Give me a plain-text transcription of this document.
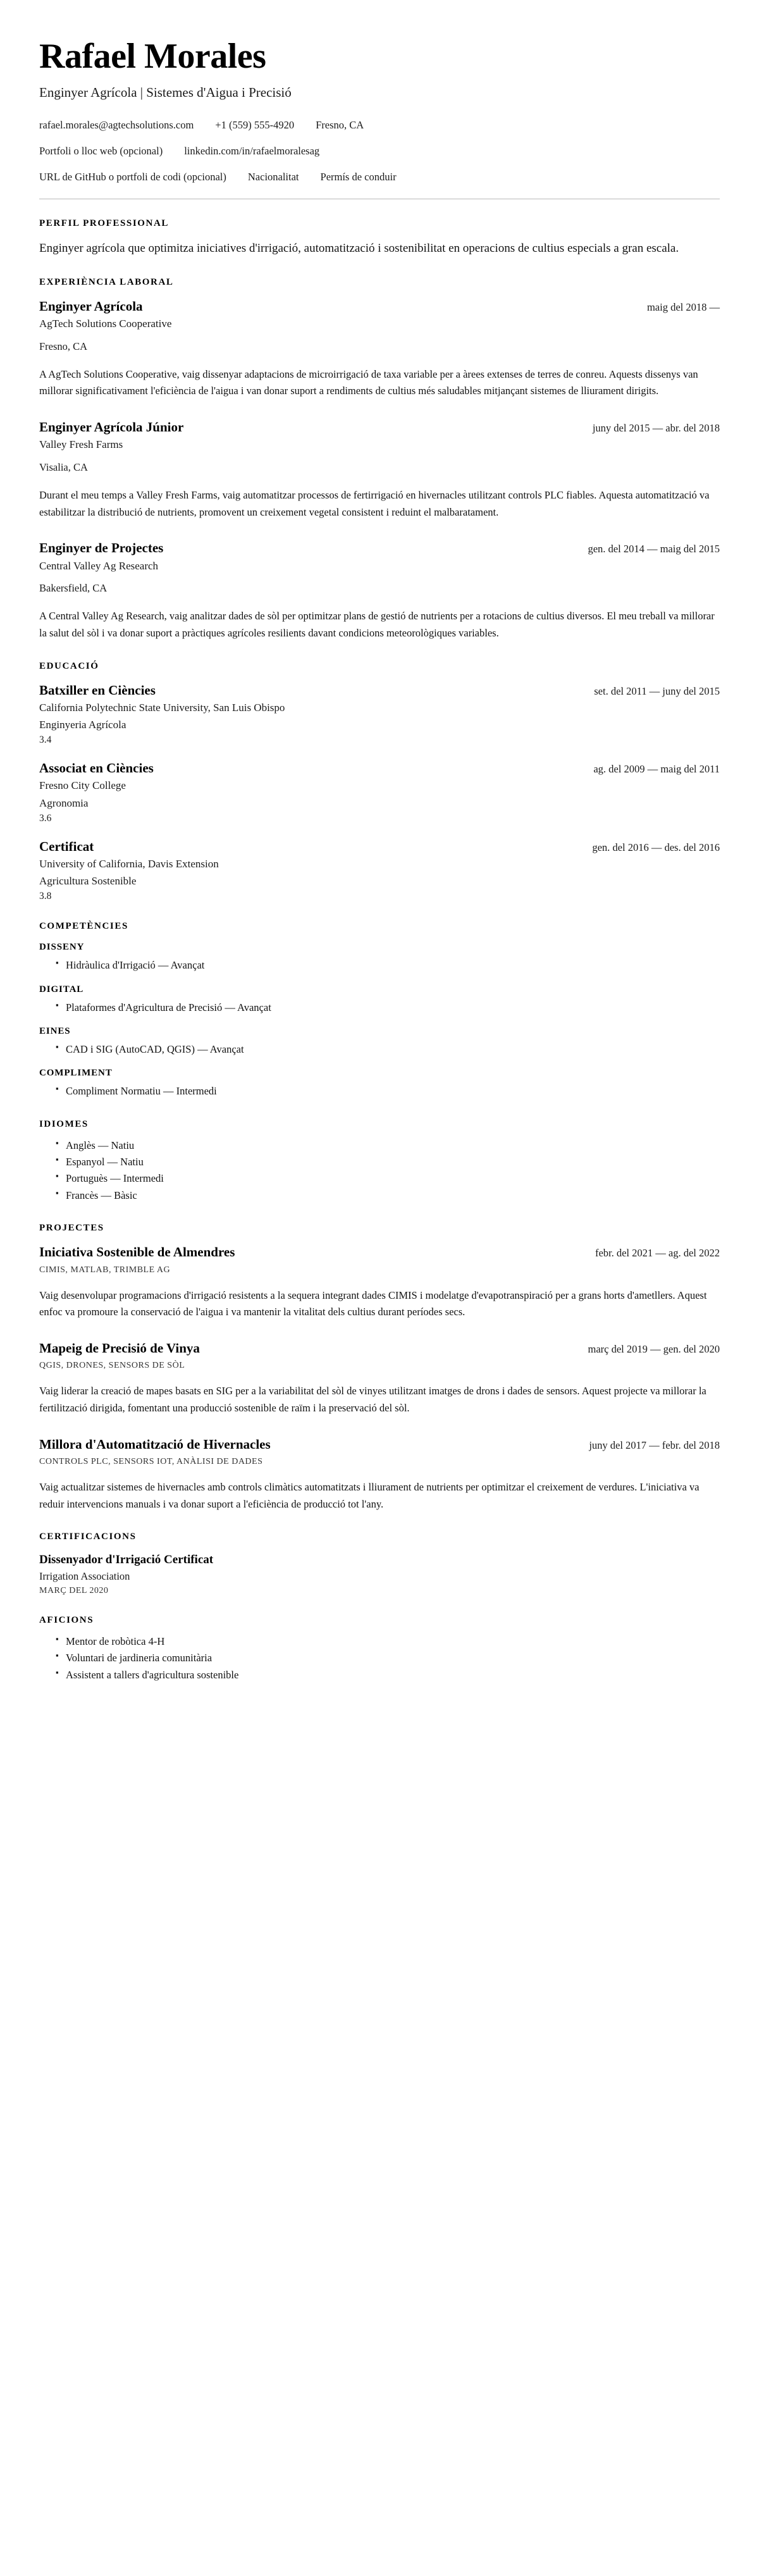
Rafael Morales
Enginyer Agrícola | Sistemes d'Aigua i Precisió
rafael.morales@agtechsolutions.com +1 (559) 555-4920 Fresno, CA
Portfoli o lloc web (opcional) linkedin.com/in/rafaelmoralesag
URL de GitHub o portfoli de codi (opcional) Nacionalitat Permís de conduir
PERFIL PROFESSIONAL

Enginyer agrícola que optimitza iniciatives d'irrigació, automatització i sostenibilitat en operacions de cultius especials a gran escala.

EXPERIÈNCIA LABORAL
Enginyer Agrícola	maig del 2018 —
AgTech Solutions Cooperative
Fresno, CA
A AgTech Solutions Cooperative, vaig dissenyar adaptacions de microirrigació de taxa variable per a àrees extenses de terres de conreu. Aquests dissenys van millorar significativament l'eficiència de l'aigua i van donar suport a rendiments de cultius més saludables mitjançant sistemes de lliurament dirigits.
Enginyer Agrícola Júnior	juny del 2015 — abr. del 2018
Valley Fresh Farms
Visalia, CA
Durant el meu temps a Valley Fresh Farms, vaig automatitzar processos de fertirrigació en hivernacles utilitzant controls PLC fiables. Aquesta automatització va estabilitzar la distribució de nutrients, promovent un creixement vegetal consistent i reduint el malbaratament.
Enginyer de Projectes	gen. del 2014 — maig del 2015
Central Valley Ag Research
Bakersfield, CA
A Central Valley Ag Research, vaig analitzar dades de sòl per optimitzar plans de gestió de nutrients per a rotacions de cultius diversos. El meu treball va millorar la salut del sòl i va donar suport a pràctiques agrícoles resilients davant condicions meteorològiques variables.
EDUCACIÓ
Batxiller en Ciències	set. del 2011 — juny del 2015
California Polytechnic State University, San Luis Obispo
Enginyeria Agrícola
3.4
Associat en Ciències	ag. del 2009 — maig del 2011
Fresno City College
Agronomia
3.6
Certificat	gen. del 2016 — des. del 2016
University of California, Davis Extension
Agricultura Sostenible
3.8
COMPETÈNCIES
DISSENY
▪ Hidràulica d'Irrigació — Avançat
DIGITAL
▪ Plataformes d'Agricultura de Precisió — Avançat
EINES
▪ CAD i SIG (AutoCAD, QGIS) — Avançat
COMPLIMENT
▪ Compliment Normatiu — Intermedi
IDIOMES
▪ Anglès — Natiu
▪ Espanyol — Natiu
▪ Portuguès — Intermedi
▪ Francès — Bàsic
PROJECTES
Iniciativa Sostenible de Almendres	febr. del 2021 — ag. del 2022
CIMIS, MATLAB, TRIMBLE AG
Vaig desenvolupar programacions d'irrigació resistents a la sequera integrant dades CIMIS i modelatge d'evapotranspiració per a grans horts d'ametllers. Aquest enfoc va promoure la conservació de l'aigua i va mantenir la vitalitat dels cultius durant períodes secs.
Mapeig de Precisió de Vinya	març del 2019 — gen. del 2020
QGIS, DRONES, SENSORS DE SÒL
Vaig liderar la creació de mapes basats en SIG per a la variabilitat del sòl de vinyes utilitzant imatges de drons i dades de sensors. Aquest projecte va millorar la fertilització dirigida, fomentant una producció sostenible de raïm i la preservació del sòl.
Millora d'Automatització de Hivernacles	juny del 2017 — febr. del 2018
CONTROLS PLC, SENSORS IOT, ANÀLISI DE DADES
Vaig actualitzar sistemes de hivernacles amb controls climàtics automatitzats i lliurament de nutrients per optimitzar el creixement de verdures. L'iniciativa va reduir intervencions manuals i va donar suport a l'eficiència de producció tot l'any.
CERTIFICACIONS
Dissenyador d'Irrigació Certificat
Irrigation Association
MARÇ DEL 2020
AFICIONS
▪ Mentor de robòtica 4-H
▪ Voluntari de jardineria comunitària
▪ Assistent a tallers d'agricultura sostenible
